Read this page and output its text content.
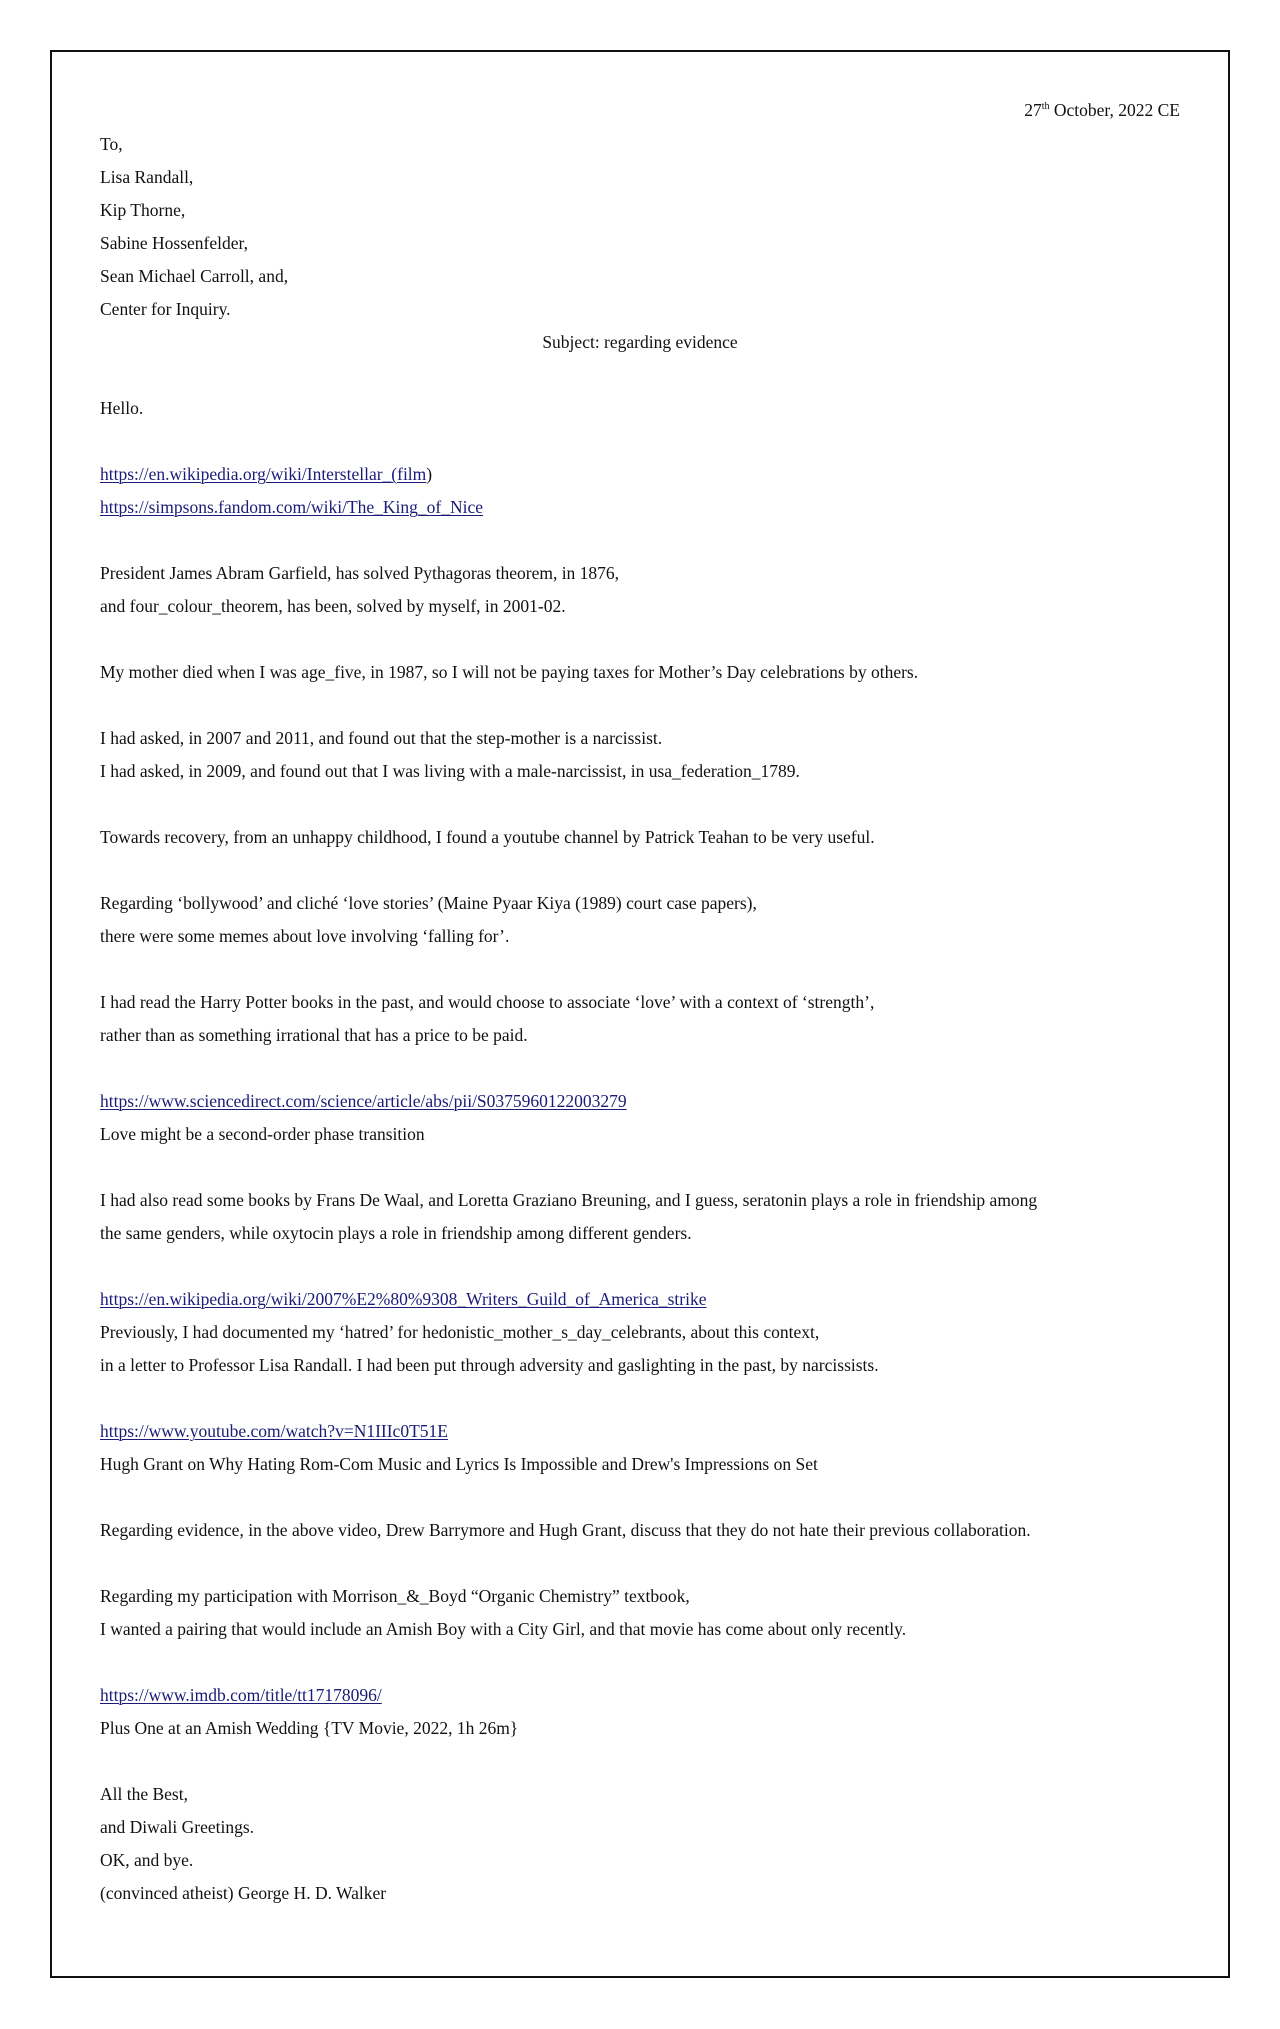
27th October, 2022 CE
To,
Lisa Randall,
Kip Thorne,
Sabine Hossenfelder,
Sean Michael Carroll, and,
Center for Inquiry.
Subject: regarding evidence
Hello.
https://en.wikipedia.org/wiki/Interstellar_(film)
https://simpsons.fandom.com/wiki/The_King_of_Nice
President James Abram Garfield, has solved Pythagoras theorem, in 1876,
and four_colour_theorem, has been, solved by myself, in 2001-02.
My mother died when I was age_five, in 1987, so I will not be paying taxes for Mother’s Day celebrations by others.
I had asked, in 2007 and 2011, and found out that the step-mother is a narcissist.
I had asked, in 2009, and found out that I was living with a male-narcissist, in usa_federation_1789.
Towards recovery, from an unhappy childhood, I found a youtube channel by Patrick Teahan to be very useful.
Regarding ‘bollywood’ and cliché ‘love stories’ (Maine Pyaar Kiya (1989) court case papers),
there were some memes about love involving ‘falling for’.
I had read the Harry Potter books in the past, and would choose to associate ‘love’ with a context of ‘strength’,
rather than as something irrational that has a price to be paid.
https://www.sciencedirect.com/science/article/abs/pii/S0375960122003279
Love might be a second-order phase transition
I had also read some books by Frans De Waal, and Loretta Graziano Breuning, and I guess, seratonin plays a role in friendship among
the same genders, while oxytocin plays a role in friendship among different genders.
https://en.wikipedia.org/wiki/2007%E2%80%9308_Writers_Guild_of_America_strike
Previously, I had documented my ‘hatred’ for hedonistic_mother_s_day_celebrants, about this context,
in a letter to Professor Lisa Randall. I had been put through adversity and gaslighting in the past, by narcissists.
https://www.youtube.com/watch?v=N1IIIc0T51E
Hugh Grant on Why Hating Rom-Com Music and Lyrics Is Impossible and Drew's Impressions on Set
Regarding evidence, in the above video, Drew Barrymore and Hugh Grant, discuss that they do not hate their previous collaboration.
Regarding my participation with Morrison_&_Boyd “Organic Chemistry” textbook,
I wanted a pairing that would include an Amish Boy with a City Girl, and that movie has come about only recently.
https://www.imdb.com/title/tt17178096/
Plus One at an Amish Wedding {TV Movie, 2022, 1h 26m}
All the Best,
and Diwali Greetings.
OK, and bye.
(convinced atheist) George H. D. Walker
